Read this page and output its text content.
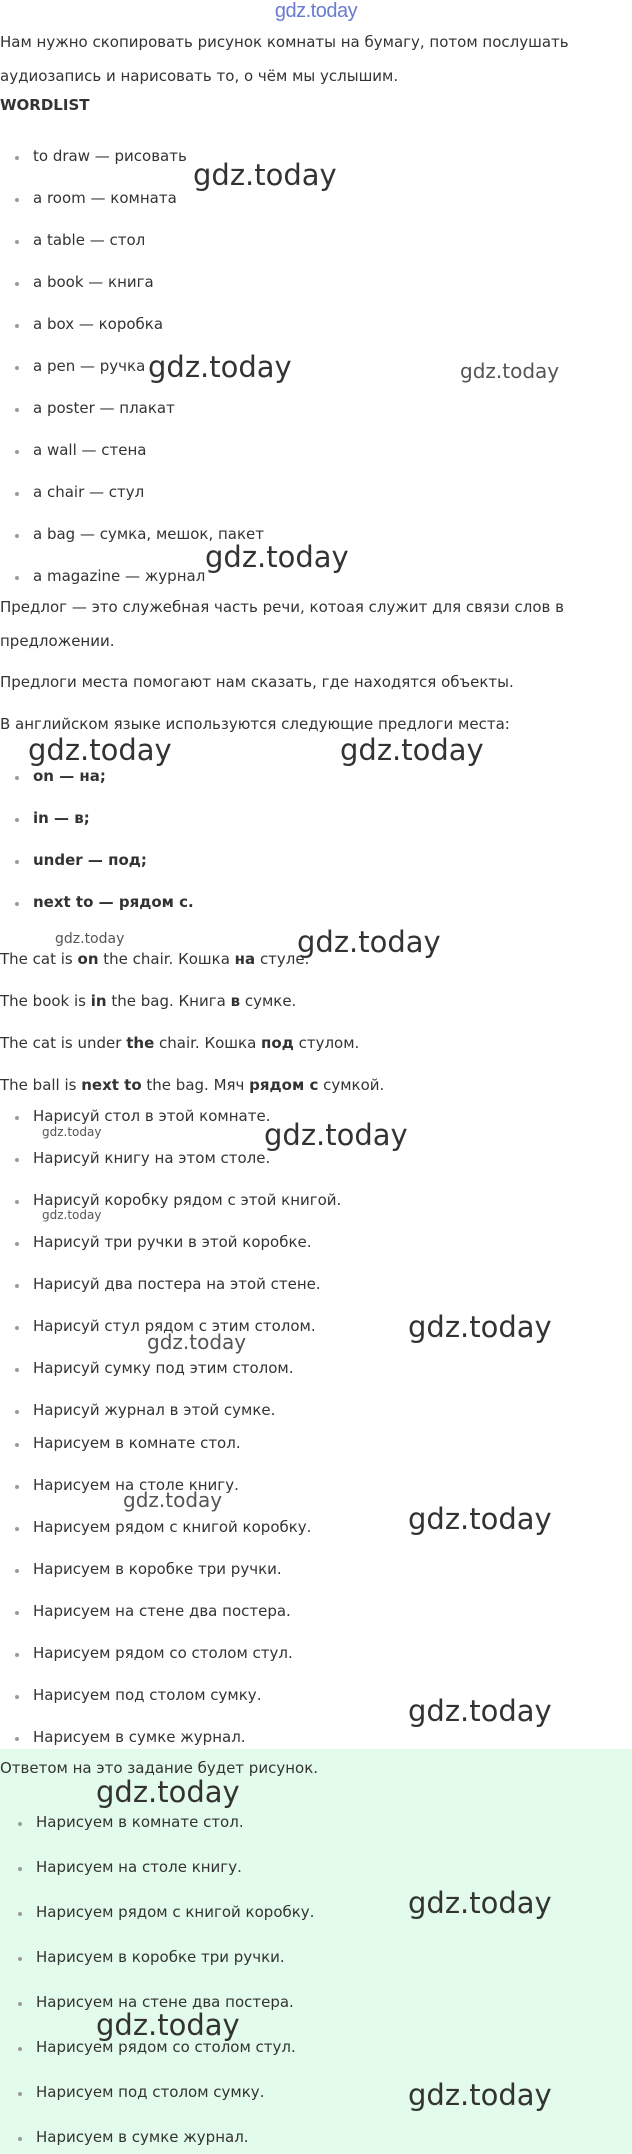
gdz.today

Нам нужно скопировать рисунок комнаты на бумагу, потом послушать аудиозапись и нарисовать то, о чём мы услышим.

WORDLIST
to draw — рисовать
a room — комната
a table — стол
a book — книга
a box — коробка
a pen — ручка
a poster — плакат
a wall — стена
a chair — стул
a bag — сумка, мешок, пакет
a magazine — журнал

Предлог — это служебная часть речи, котоая служит для связи слов в предложении.

Предлоги места помогают нам сказать, где находятся объекты.

В английском языке используются следующие предлоги места:

on — на;
in — в;
under — под;
next to — рядом с.

The cat is on the chair. Кошка на стуле.

The book is in the bag. Книга в сумке.

The cat is under the chair. Кошка под стулом.

The ball is next to the bag. Мяч рядом с сумкой.

Нарисуй стол в этой комнате.
Нарисуй книгу на этом столе.
Нарисуй коробку рядом с этой книгой.
Нарисуй три ручки в этой коробке.
Нарисуй два постера на этой стене.
Нарисуй стул рядом с этим столом.
Нарисуй сумку под этим столом.
Нарисуй журнал в этой сумке.
Нарисуем в комнате стол.
Нарисуем на столе книгу.
Нарисуем рядом с книгой коробку.
Нарисуем в коробке три ручки.
Нарисуем на стене два постера.
Нарисуем рядом со столом стул.
Нарисуем под столом сумку.
Нарисуем в сумке журнал.

Ответом на это задание будет рисунок.

Нарисуем в комнате стол.
Нарисуем на столе книгу.
Нарисуем рядом с книгой коробку.
Нарисуем в коробке три ручки.
Нарисуем на стене два постера.
Нарисуем рядом со столом стул.
Нарисуем под столом сумку.
Нарисуем в сумке журнал.
gdz.today
gdz.today	gdz.today
gdz.today
gdz.today	gdz.today
gdz.today	gdz.today
gdz.today	gdz.today
gdz.today
gdz.today
gdz.today
gdz.today
gdz.today
gdz.today
gdz.today
gdz.today
gdz.today
gdz.today
